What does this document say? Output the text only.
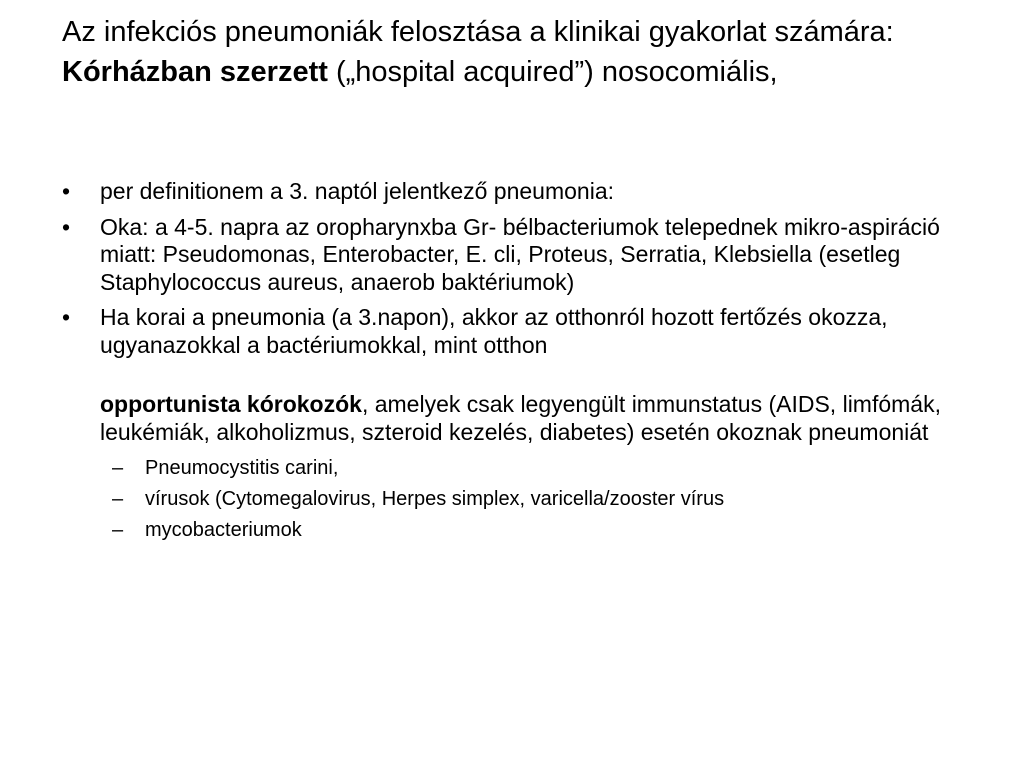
Az infekciós pneumoniák felosztása a klinikai gyakorlat számára: Kórházban szerzett („hospital acquired”) nosocomiális,
• per definitionem a 3. naptól jelentkező pneumonia:
• Oka: a 4-5. napra az oropharynxba Gr- bélbacteriumok telepednek mikro-aspiráció miatt: Pseudomonas, Enterobacter, E. cli, Proteus, Serratia, Klebsiella (esetleg Staphylococcus aureus, anaerob baktériumok)
• Ha korai a pneumonia (a 3.napon), akkor az otthonról hozott fertőzés okozza, ugyanazokkal a bactériumokkal, mint otthon
opportunista kórokozók, amelyek csak legyengült immunstatus (AIDS, limfómák, leukémiák, alkoholizmus, szteroid kezelés, diabetes) esetén okoznak pneumoniát
– Pneumocystitis carini,
– vírusok (Cytomegalovirus, Herpes simplex, varicella/zooster vírus
– mycobacteriumok
